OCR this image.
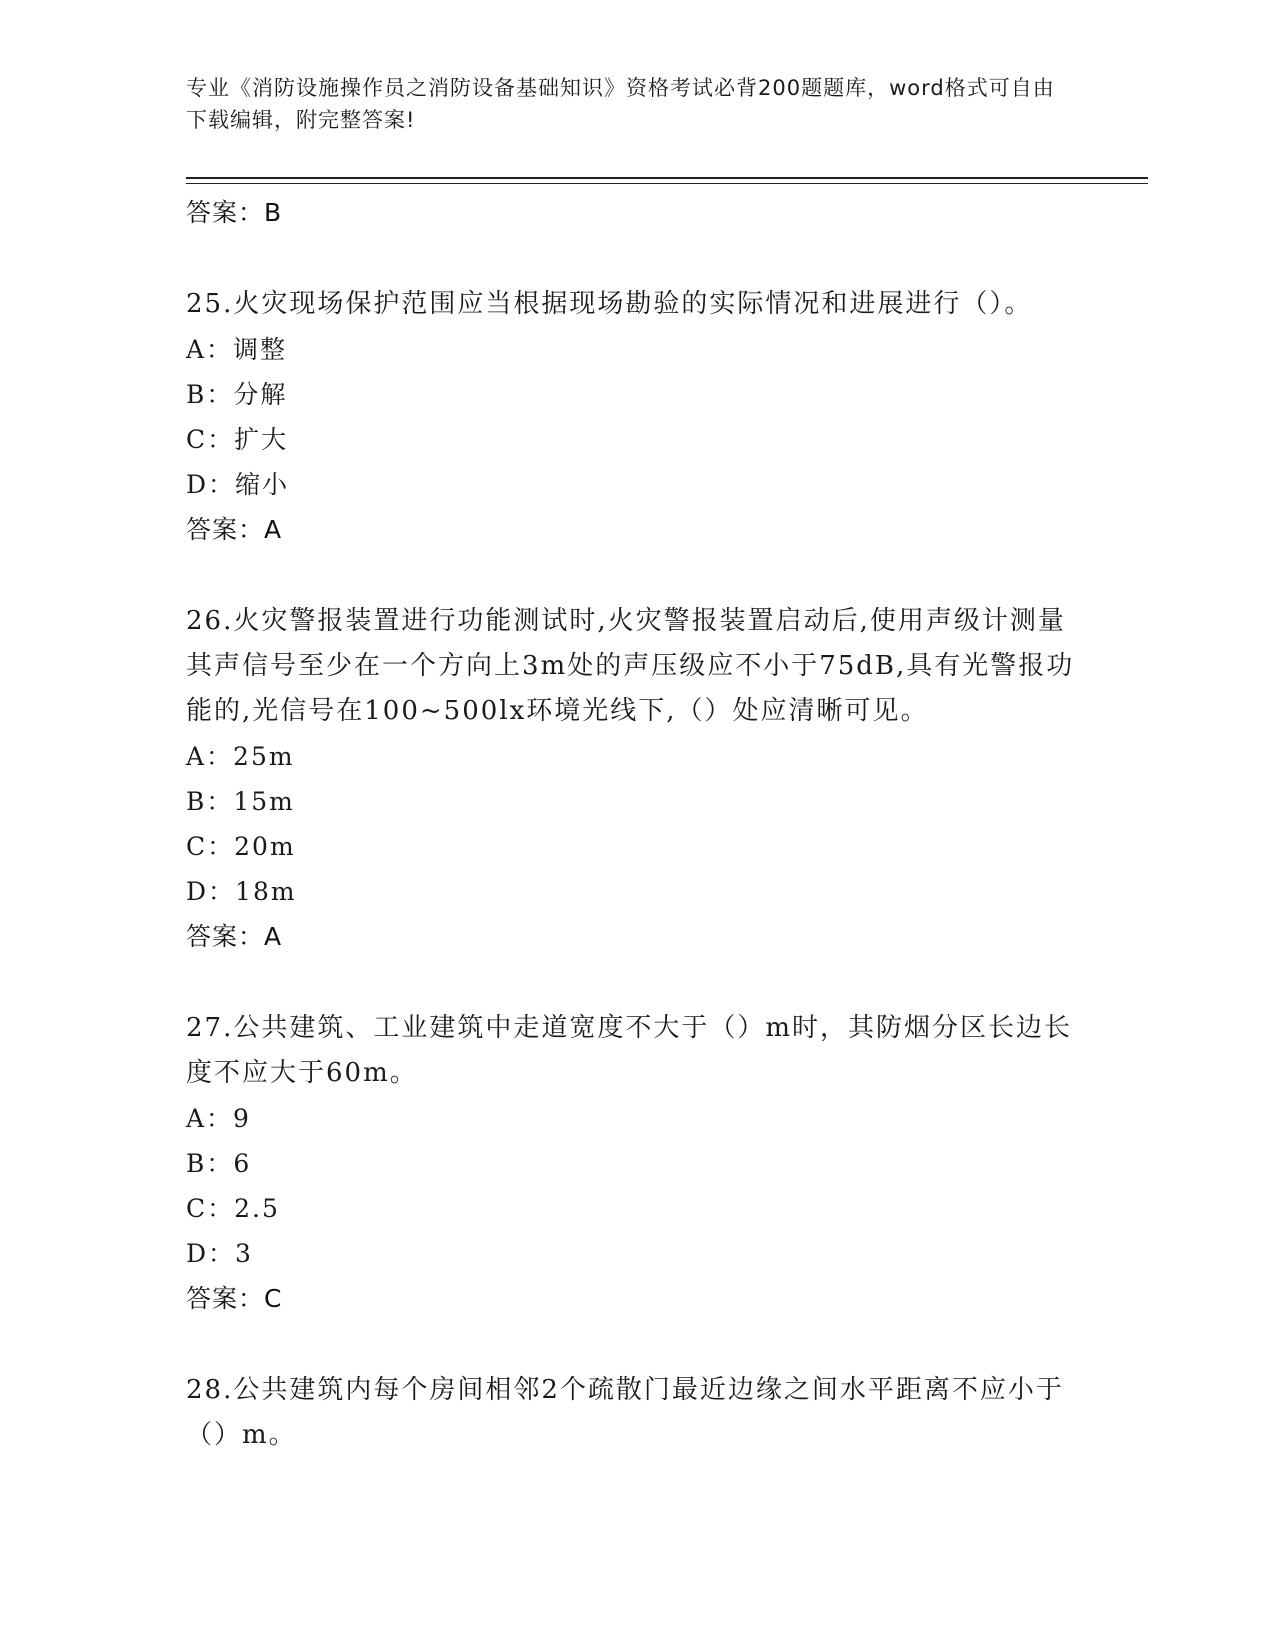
专业《消防设施操作员之消防设备基础知识》资格考试必背200题题库，word格式可自由下载编辑，附完整答案!
答案：B

25.火灾现场保护范围应当根据现场勘验的实际情况和进展进行（）。

A：调整
B：分解
C：扩大
D：缩小
答案：A

26.火灾警报装置进行功能测试时,火灾警报装置启动后,使用声级计测量其声信号至少在一个方向上3m处的声压级应不小于75dB,具有光警报功能的,光信号在100~500lx环境光线下,（）处应清晰可见。

A：25m
B：15m
C：20m
D：18m
答案：A

27.公共建筑、工业建筑中走道宽度不大于（）m时，其防烟分区长边长度不应大于60m。

A：9
B：6
C：2.5
D：3
答案：C

28.公共建筑内每个房间相邻2个疏散门最近边缘之间水平距离不应小于（）m。
